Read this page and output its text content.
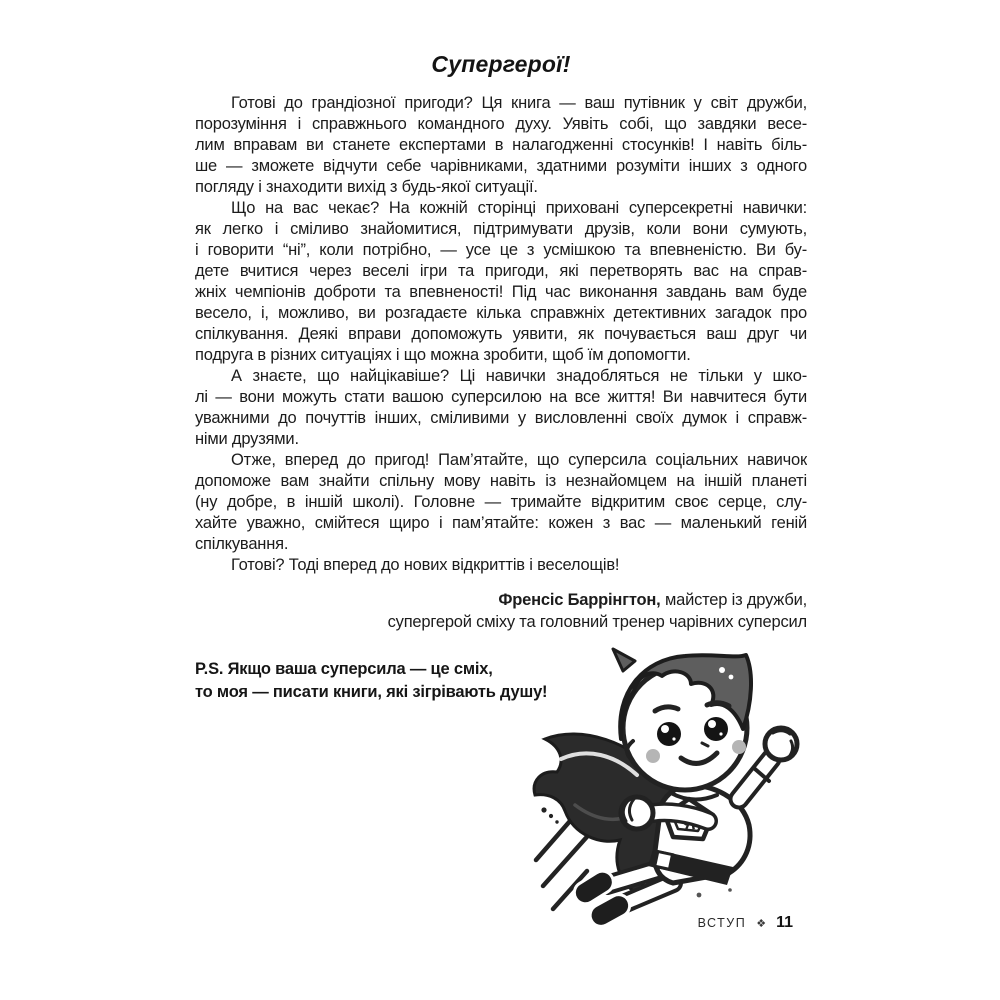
Супергерої!
Готові до грандіозної пригоди? Ця книга — ваш путівник у світ дружби,
порозуміння і справжнього командного духу. Уявіть собі, що завдяки весе-
лим вправам ви станете експертами в налагодженні стосунків! І навіть біль-
ше — зможете відчути себе чарівниками, здатними розуміти інших з одного
погляду і знаходити вихід з будь-якої ситуації.
Що на вас чекає? На кожній сторінці приховані суперсекретні навички:
як легко і сміливо знайомитися, підтримувати друзів, коли вони сумують,
і говорити “ні”, коли потрібно, — усе це з усмішкою та впевненістю. Ви бу-
дете вчитися через веселі ігри та пригоди, які перетворять вас на справ-
жніх чемпіонів доброти та впевненості! Під час виконання завдань вам буде
весело, і, можливо, ви розгадаєте кілька справжніх детективних загадок про
спілкування. Деякі вправи допоможуть уявити, як почувається ваш друг чи
подруга в різних ситуаціях і що можна зробити, щоб їм допомогти.
А знаєте, що найцікавіше? Ці навички знадобляться не тільки у шко-
лі — вони можуть стати вашою суперсилою на все життя! Ви навчитеся бути
уважними до почуттів інших, сміливими у висловленні своїх думок і справж-
німи друзями.
Отже, вперед до пригод! Пам’ятайте, що суперсила соціальних навичок
допоможе вам знайти спільну мову навіть із незнайомцем на іншій планеті
(ну добре, в іншій школі). Головне — тримайте відкритим своє серце, слу-
хайте уважно, смійтеся щиро і пам’ятайте: кожен з вас — маленький геній
спілкування.
Готові? Тоді вперед до нових відкриттів і веселощів!
Френсіс Баррінгтон, майстер із дружби,
супергерой сміху та головний тренер чарівних суперсил
P.S. Якщо ваша суперсила — це сміх,
то моя — писати книги, які зігрівають душу!
Я
ВСТУП ❖ 11
